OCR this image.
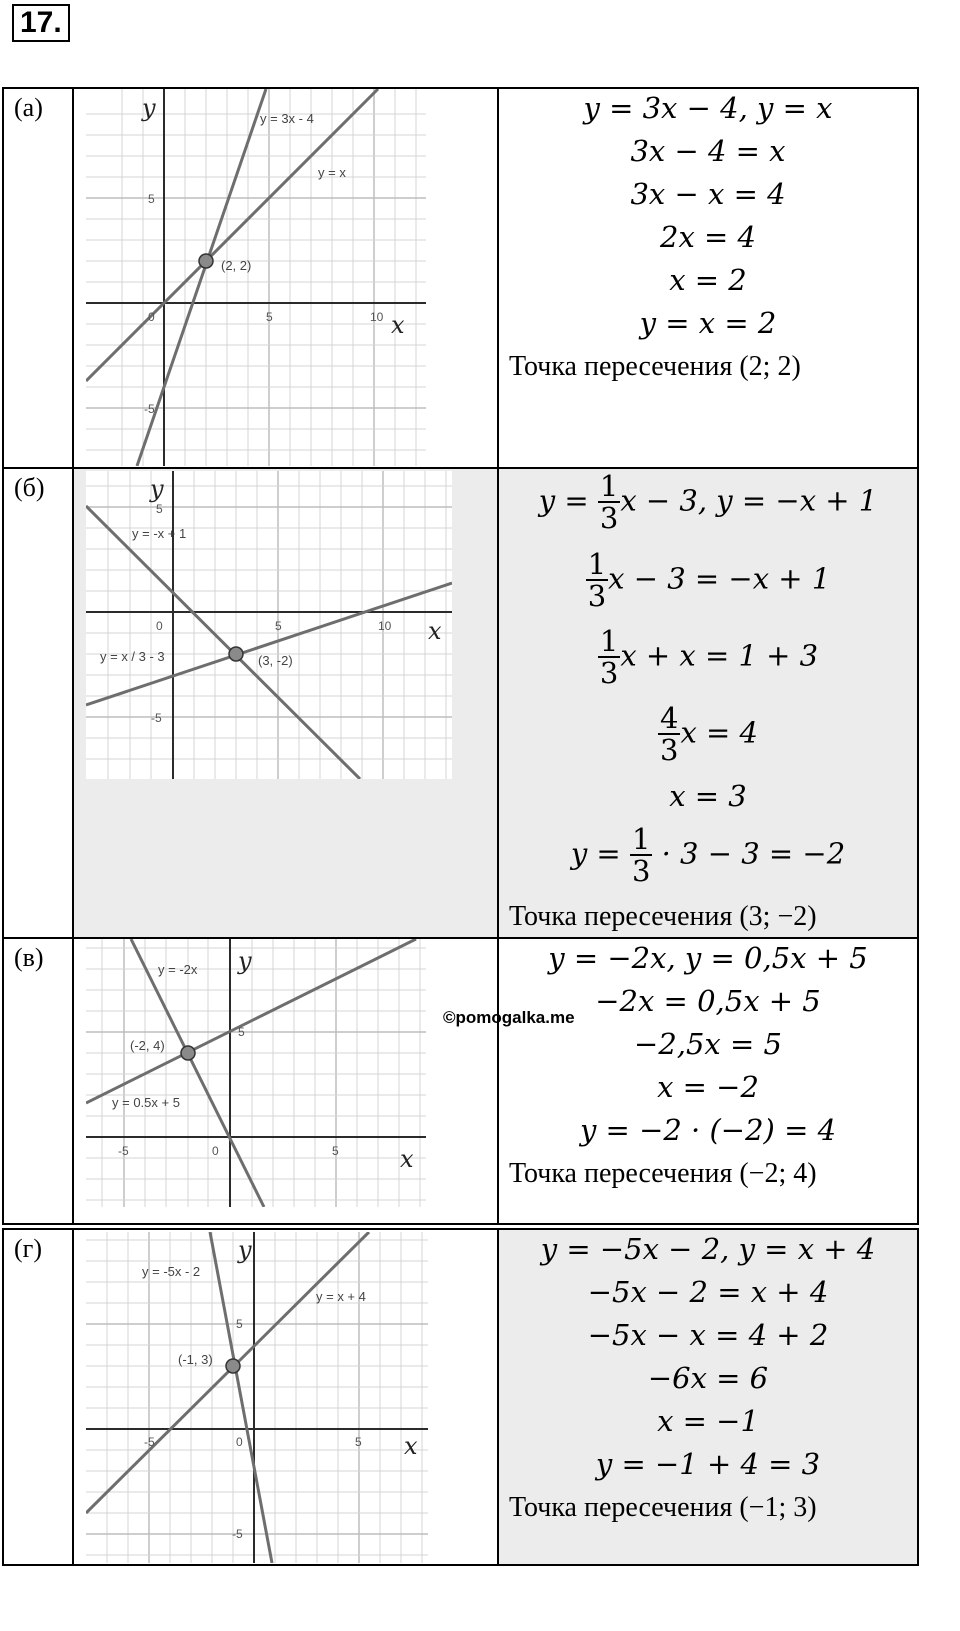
17.
(а)
0	5	10
5
-5
y
x
y = 3x - 4
y = x
(2, 2)
y = 3x − 4, y = x
3x − 4 = x
3x − x = 4
2x = 4
x = 2
y = x = 2
Точка пересечения (2; 2)
(б)
0	5	10
5
-5
y
x
y = -x + 1
y = x / 3 - 3	(3, -2)
$y = \frac{1}{3}$ x − 3, y = −x + 1
$\frac{1}{3}$ x − 3 = −x + 1
$\frac{1}{3}$ x + x = 1 + 3
$\frac{4}{3}$ x = 4
x = 3
$y = \frac{1}{3} \cdot 3 - 3 = -2$
Точка пересечения (3; −2)
(в)
-5	0	5
5
y
x
y = -2x
y = 0.5x + 5
(-2, 4)
y = −2x, y = 0,5x + 5
−2x = 0,5x + 5
−2,5x = 5
x = −2
y = −2 · (−2) = 4
Точка пересечения (−2; 4)
©pomogalka.me
(г)
-5	0	5
5
-5
y
x
y = -5x - 2
y = x + 4
(-1, 3)
y = −5x − 2, y = x + 4
−5x − 2 = x + 4
−5x − x = 4 + 2
−6x = 6
x = −1
y = −1 + 4 = 3
Точка пересечения (−1; 3)
